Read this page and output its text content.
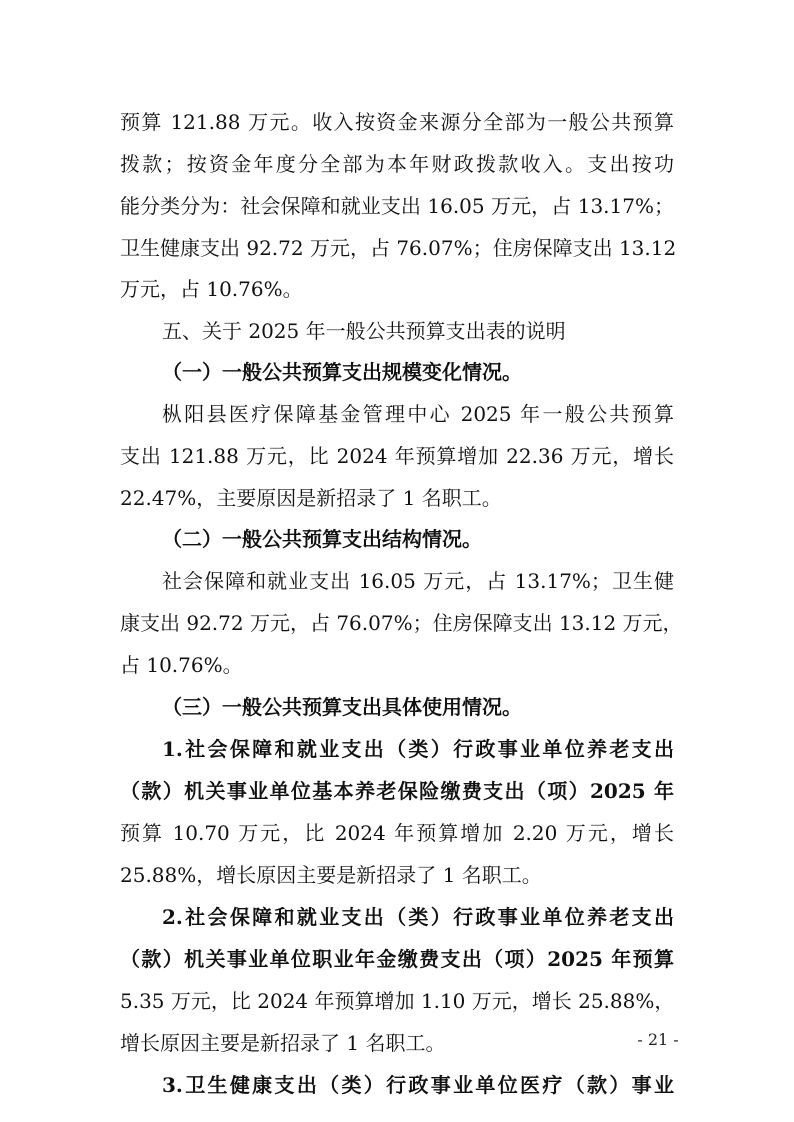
预算 121.88 万元。收入按资金来源分全部为一般公共预算
拨款；按资金年度分全部为本年财政拨款收入。支出按功
能分类分为：社会保障和就业支出 16.05 万元，占 13.17%；
卫生健康支出 92.72 万元，占 76.07%；住房保障支出 13.12
万元，占 10.76%。
五、关于 2025 年一般公共预算支出表的说明
（一）一般公共预算支出规模变化情况。
枞阳县医疗保障基金管理中心 2025 年一般公共预算
支出 121.88 万元，比 2024 年预算增加 22.36 万元，增长
22.47%，主要原因是新招录了 1 名职工。
（二）一般公共预算支出结构情况。
社会保障和就业支出 16.05 万元，占 13.17%；卫生健
康支出 92.72 万元，占 76.07%；住房保障支出 13.12 万元，
占 10.76%。
（三）一般公共预算支出具体使用情况。
1.社会保障和就业支出（类）行政事业单位养老支出
（款）机关事业单位基本养老保险缴费支出（项）2025 年
预算 10.70 万元，比 2024 年预算增加 2.20 万元，增长
25.88%，增长原因主要是新招录了 1 名职工。
2.社会保障和就业支出（类）行政事业单位养老支出
（款）机关事业单位职业年金缴费支出（项）2025 年预算
5.35 万元，比 2024 年预算增加 1.10 万元，增长 25.88%，
增长原因主要是新招录了 1 名职工。
3.卫生健康支出（类）行政事业单位医疗（款）事业
- 21 -
